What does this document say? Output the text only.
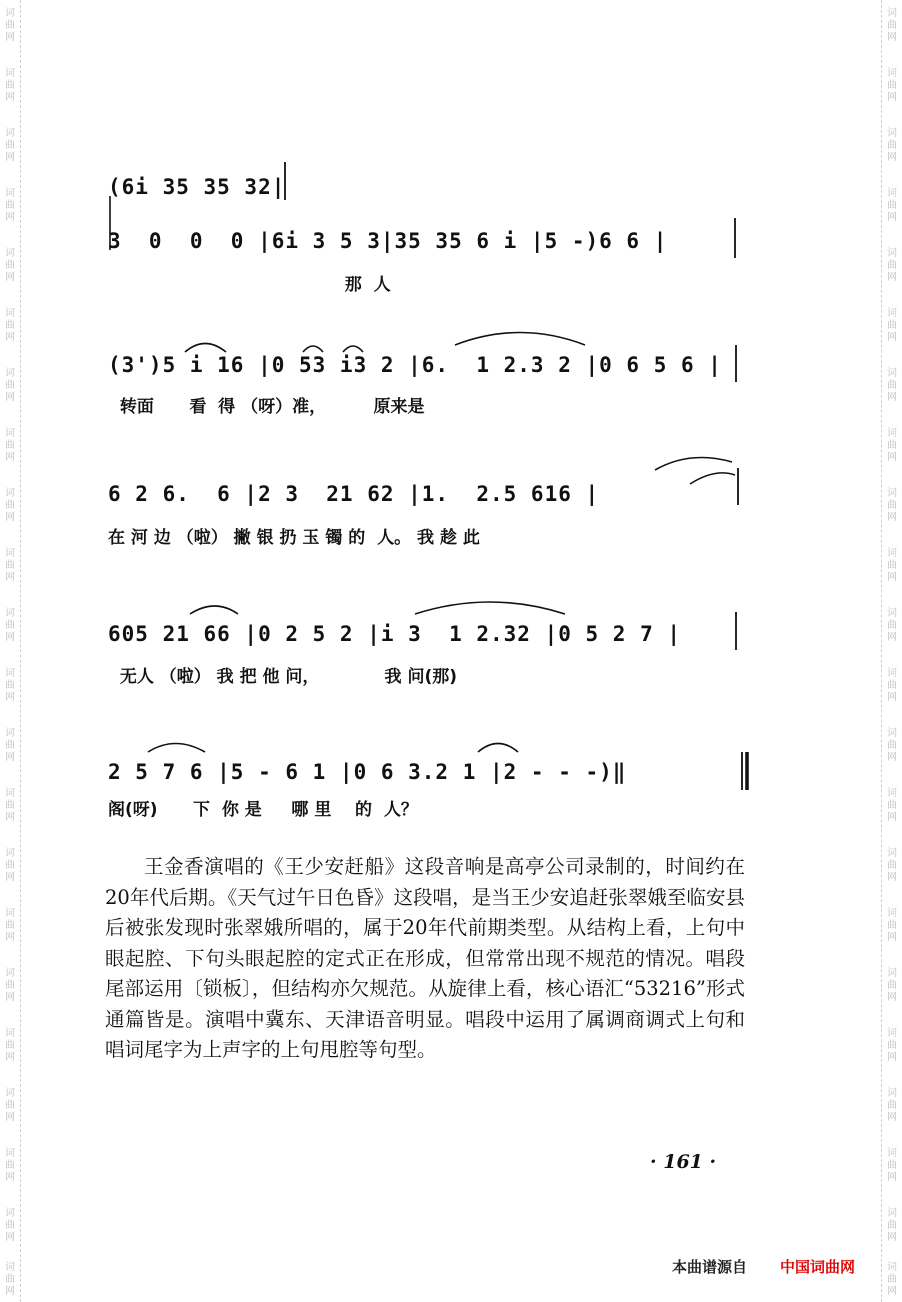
词
曲
网
词
曲
网
词
曲
网
词
曲
网
词
曲
网
词
曲
网
词
曲
网
词
曲
网
词
曲
网
词
曲
网
词
曲
网
词
曲
网
词
曲
网
词
曲
网
词
曲
网
词
曲
网
词
曲
网
词
曲
网
词
曲
网
词
曲
网
词
曲
网
词
曲
网
词
曲
网
词
曲
网
词
曲
网
词
曲
网
词
曲
网
词
曲
网
词
曲
网
词
曲
网
词
曲
网
词
曲
网
词
曲
网
词
曲
网
词
曲
网
词
曲
网
词
曲
网
词
曲
网
词
曲
网
词
曲
网
词
曲
网
词
曲
网
词
曲
网
词
曲
网
(6i 35 35 32|
3  0  0  0 |6i 3 5 3|35 35 6 i |5 -)6 6 |
那  人
(3')5 i 16 |0 53 i3 2 |6.  1 2.3 2 |0 6 5 6 |
转面      看  得 （呀）准，        原来是
6 2 6.  6 |2 3  21 62 |1.  2.5 616 |
在 河 边 （啦） 撇 银 扔 玉 镯 的  人。 我 趁 此
605 21 66 |0 2 5 2 |i 3  1 2.32 |0 5 2 7 |
无人 （啦） 我 把 他 问，           我 问(那)
2 5 7 6 |5 - 6 1 |0 6 3.2 1 |2 - - -)‖
阁(呀)      下  你 是     哪 里    的  人？
王金香演唱的《王少安赶船》这段音响是高亭公司录制的，时间约在20年代后期。《天气过午日色昏》这段唱，是当王少安追赶张翠娥至临安县后被张发现时张翠娥所唱的，属于20年代前期类型。从结构上看，上句中眼起腔、下句头眼起腔的定式正在形成，但常常出现不规范的情况。唱段尾部运用〔锁板〕，但结构亦欠规范。从旋律上看，核心语汇“53216”形式通篇皆是。演唱中冀东、天津语音明显。唱段中运用了属调商调式上句和唱词尾字为上声字的上句甩腔等句型。
· 161 ·
本曲谱源自 中国词曲网
